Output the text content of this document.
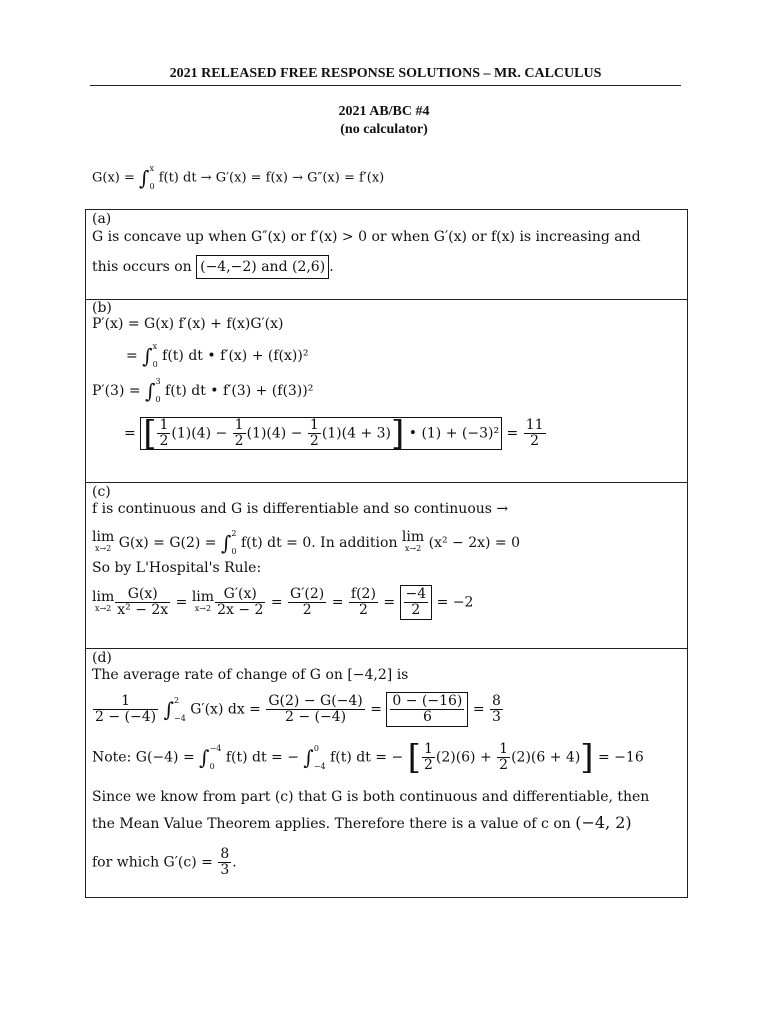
2021 RELEASED FREE RESPONSE SOLUTIONS – MR. CALCULUS
2021 AB/BC #4
(no calculator)
G(x) = ∫ x
0
f(t) dt → G′(x) = f(x) → G″(x) = f′(x)
(a)
G is concave up when G″(x) or f′(x) > 0 or when G′(x) or f(x) is increasing and
this occurs on (−4,−2) and (2,6) .
(b)
P′(x) = G(x) f′(x) + f(x)G′(x)
= ∫ x
0
f(t) dt • f′(x) + (f(x))²
P′(3) = ∫ 3
0
f(t) dt • f′(3) + (f(3))²
= [ $\frac{1}{2} (1)(4) - \frac{1}{2} (1)(4) - \frac{1}{2} (1)(4 + 3)$] • $(1) + (-3)^2 = \frac{11}{2}$
(c)
f is continuous and G is differentiable and so continuous →
lim
x→2 G(x) = G(2) = ∫ 2
0
f(t) dt = 0. In addition lim
x→2 (x² − 2x) = 0
So by L'Hospital's Rule:
lim
$x\to 2 \frac{G(x)}{\text{x² − 2x}} = \lim$
$x\to 2 \frac{G'(x)}{2x - 2} = \frac{G'(2)}{2} = \frac{f(2)}{2} = \frac{-4}{2} = -2$
(d)
The average rate of change of G on [−4,2] is
$\frac{1}{2 - (-4)}$ ∫ 2
−4
G′(x) dx = $\frac{G(2) - G(-4)}{2 - (-4)} = \frac{0 - (-16)}{6} = \frac{8}{3}$
Note: G(−4) = ∫ −4
0
f(t) dt = − ∫ 0
−4
f(t) dt = − [ $\frac{1}{2} (2)(6) + \frac{1}{2} (2)(6 + 4)] = -16$
Since we know from part (c) that G is both continuous and differentiable, then
the Mean Value Theorem applies. Therefore there is a value of c on (−4, 2)
for which $G'(c) = \frac{8}{3}$ .
